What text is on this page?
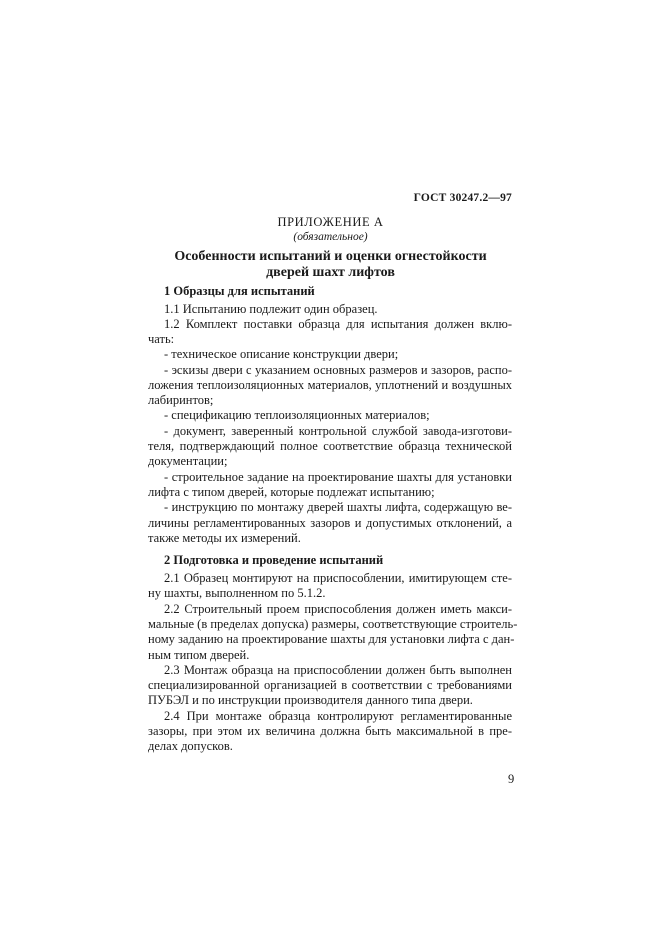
ГОСТ 30247.2—97
ПРИЛОЖЕНИЕ А
(обязательное)
Особенности испытаний и оценки огнестойкости
дверей шахт лифтов
1 Образцы для испытаний
1.1 Испытанию подлежит один образец.
1.2 Комплект поставки образца для испытания должен вклю-
чать:
- техническое описание конструкции двери;
- эскизы двери с указанием основных размеров и зазоров, распо-
ложения теплоизоляционных материалов, уплотнений и воздушных
лабиринтов;
- спецификацию теплоизоляционных материалов;
- документ, заверенный контрольной службой завода-изготови-
теля, подтверждающий полное соответствие образца технической
документации;
- строительное задание на проектирование шахты для установки
лифта с типом дверей, которые подлежат испытанию;
- инструкцию по монтажу дверей шахты лифта, содержащую ве-
личины регламентированных зазоров и допустимых отклонений, а
также методы их измерений.
2 Подготовка и проведение испытаний
2.1 Образец монтируют на приспособлении, имитирующем сте-
ну шахты, выполненном по 5.1.2.
2.2 Строительный проем приспособления должен иметь макси-
мальные (в пределах допуска) размеры, соответствующие строитель-
ному заданию на проектирование шахты для установки лифта с дан-
ным типом дверей.
2.3 Монтаж образца на приспособлении должен быть выполнен
специализированной организацией в соответствии с требованиями
ПУБЭЛ и по инструкции производителя данного типа двери.
2.4 При монтаже образца контролируют регламентированные
зазоры, при этом их величина должна быть максимальной в пре-
делах допусков.
9
